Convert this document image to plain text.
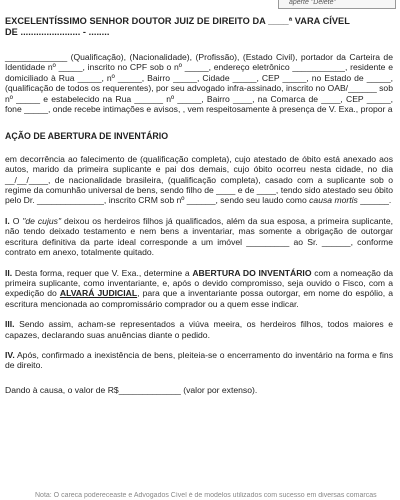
aperte "Delete"

EXCELENTÍSSIMO SENHOR DOUTOR JUIZ DE DIREITO DA ____ª VARA CÍVEL

DE ....................... - ........

_____________ (Qualificação), (Nacionalidade), (Profissão), (Estado Civil), portador da Carteira de Identidade nº _____, inscrito no CPF sob o nº _____, endereço eletrônico ___________, residente e domiciliado à Rua _____, nº _____, Bairro _____, Cidade _____, CEP _____, no Estado de _____, (qualificação de todos os requerentes), por seu advogado infra-assinado, inscrito no OAB/______ sob nº _____ e estabelecido na Rua ______ nº _____, Bairro ____, na Comarca de ____, CEP _____, fone _____, onde recebe intimações e avisos, , vem respeitosamente à presença de V. Exa., propor a

AÇÃO DE ABERTURA DE INVENTÁRIO

em decorrência ao falecimento de (qualificação completa), cujo atestado de óbito está anexado aos autos, marido da primeira suplicante e pai dos demais, cujo óbito ocorreu nesta cidade, no dia __/__/____, de nacionalidade brasileira, (qualificação completa), casado com a suplicante sob o regime da comunhão universal de bens, sendo filho de ____ e de ____, tendo sido atestado seu óbito pelo Dr. ______________, inscrito CRM sob nº ______, sendo seu laudo como causa mortis ______.

I. O "de cujus" deixou os herdeiros filhos já qualificados, além da sua esposa, a primeira suplicante, não tendo deixado testamento e nem bens a inventariar, mas somente a obrigação de outorgar escritura definitiva da parte ideal corresponde a um imóvel _________ ao Sr. ______, conforme contrato em anexo, totalmente quitado.

II. Desta forma, requer que V. Exa., determine a ABERTURA DO INVENTÁRIO com a nomeação da primeira suplicante, como inventariante, e, após o devido compromisso, seja ouvido o Fisco, com a expedição do ALVARÁ JUDICIAL, para que a inventariante possa outorgar, em nome do espólio, a escritura mencionada ao compromissário comprador ou a quem esse indicar.

III. Sendo assim, acham-se representados a viúva meeira, os herdeiros filhos, todos maiores e capazes, declarando suas anuências diante o pedido.

IV. Após, confirmado a inexistência de bens, pleiteia-se o encerramento do inventário na forma e fins de direito.

Dando à causa, o valor de R$_____________ (valor por extenso).

Nota: O careca podereceaste e Advogados Cível é de modelos utilizados com sucesso em diversas comarcas
